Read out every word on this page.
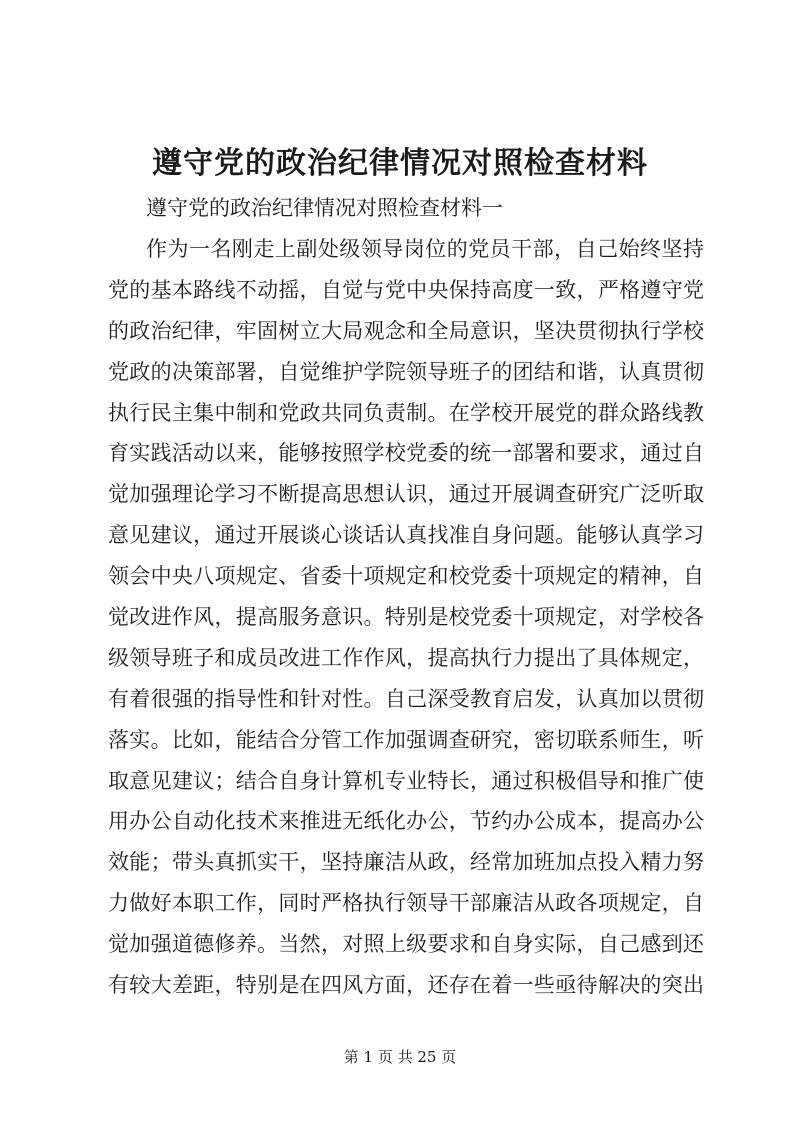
遵守党的政治纪律情况对照检查材料

遵守党的政治纪律情况对照检查材料一

作为一名刚走上副处级领导岗位的党员干部，自己始终坚持
党的基本路线不动摇，自觉与党中央保持高度一致，严格遵守党
的政治纪律，牢固树立大局观念和全局意识，坚决贯彻执行学校
党政的决策部署，自觉维护学院领导班子的团结和谐，认真贯彻
执行民主集中制和党政共同负责制。在学校开展党的群众路线教
育实践活动以来，能够按照学校党委的统一部署和要求，通过自
觉加强理论学习不断提高思想认识，通过开展调查研究广泛听取
意见建议，通过开展谈心谈话认真找准自身问题。能够认真学习
领会中央八项规定、省委十项规定和校党委十项规定的精神，自
觉改进作风，提高服务意识。特别是校党委十项规定，对学校各
级领导班子和成员改进工作作风，提高执行力提出了具体规定，
有着很强的指导性和针对性。自己深受教育启发，认真加以贯彻
落实。比如，能结合分管工作加强调查研究，密切联系师生，听
取意见建议；结合自身计算机专业特长，通过积极倡导和推广使
用办公自动化技术来推进无纸化办公，节约办公成本，提高办公
效能；带头真抓实干，坚持廉洁从政，经常加班加点投入精力努
力做好本职工作，同时严格执行领导干部廉洁从政各项规定，自
觉加强道德修养。当然，对照上级要求和自身实际，自己感到还
有较大差距，特别是在四风方面，还存在着一些亟待解决的突出
第 1 页 共 25 页
